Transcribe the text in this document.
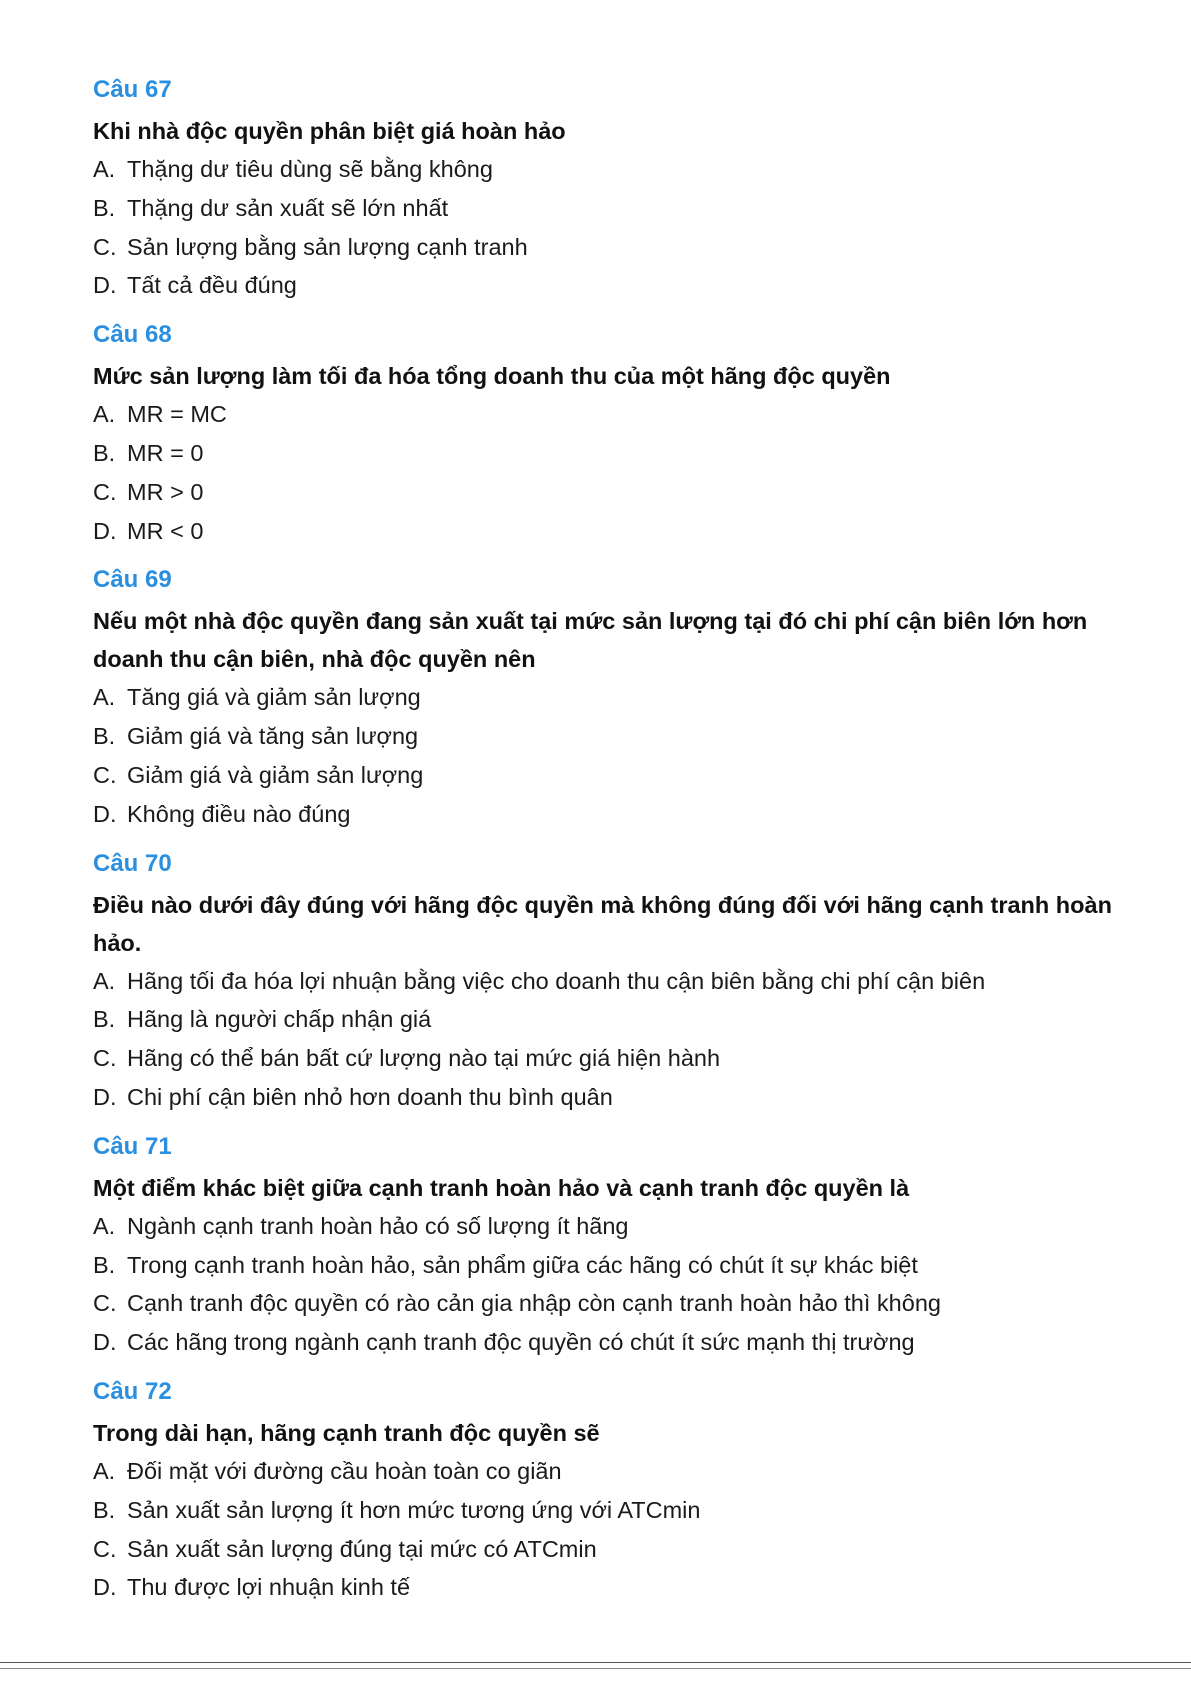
Câu 67

Khi nhà độc quyền phân biệt giá hoàn hảo

A. Thặng dư tiêu dùng sẽ bằng không
B. Thặng dư sản xuất sẽ lớn nhất
C. Sản lượng bằng sản lượng cạnh tranh
D. Tất cả đều đúng
Câu 68

Mức sản lượng làm tối đa hóa tổng doanh thu của một hãng độc quyền

A. MR = MC
B. MR = 0
C. MR > 0
D. MR < 0
Câu 69

Nếu một nhà độc quyền đang sản xuất tại mức sản lượng tại đó chi phí cận biên lớn hơn doanh thu cận biên, nhà độc quyền nên

A. Tăng giá và giảm sản lượng
B. Giảm giá và tăng sản lượng
C. Giảm giá và giảm sản lượng
D. Không điều nào đúng
Câu 70

Điều nào dưới đây đúng với hãng độc quyền mà không đúng đối với hãng cạnh tranh hoàn hảo.

A. Hãng tối đa hóa lợi nhuận bằng việc cho doanh thu cận biên bằng chi phí cận biên
B. Hãng là người chấp nhận giá
C. Hãng có thể bán bất cứ lượng nào tại mức giá hiện hành
D. Chi phí cận biên nhỏ hơn doanh thu bình quân
Câu 71

Một điểm khác biệt giữa cạnh tranh hoàn hảo và cạnh tranh độc quyền là

A. Ngành cạnh tranh hoàn hảo có số lượng ít hãng
B. Trong cạnh tranh hoàn hảo, sản phẩm giữa các hãng có chút ít sự khác biệt
C. Cạnh tranh độc quyền có rào cản gia nhập còn cạnh tranh hoàn hảo thì không
D. Các hãng trong ngành cạnh tranh độc quyền có chút ít sức mạnh thị trường
Câu 72

Trong dài hạn, hãng cạnh tranh độc quyền sẽ

A. Đối mặt với đường cầu hoàn toàn co giãn
B. Sản xuất sản lượng ít hơn mức tương ứng với ATCmin
C. Sản xuất sản lượng đúng tại mức có ATCmin
D. Thu được lợi nhuận kinh tế
